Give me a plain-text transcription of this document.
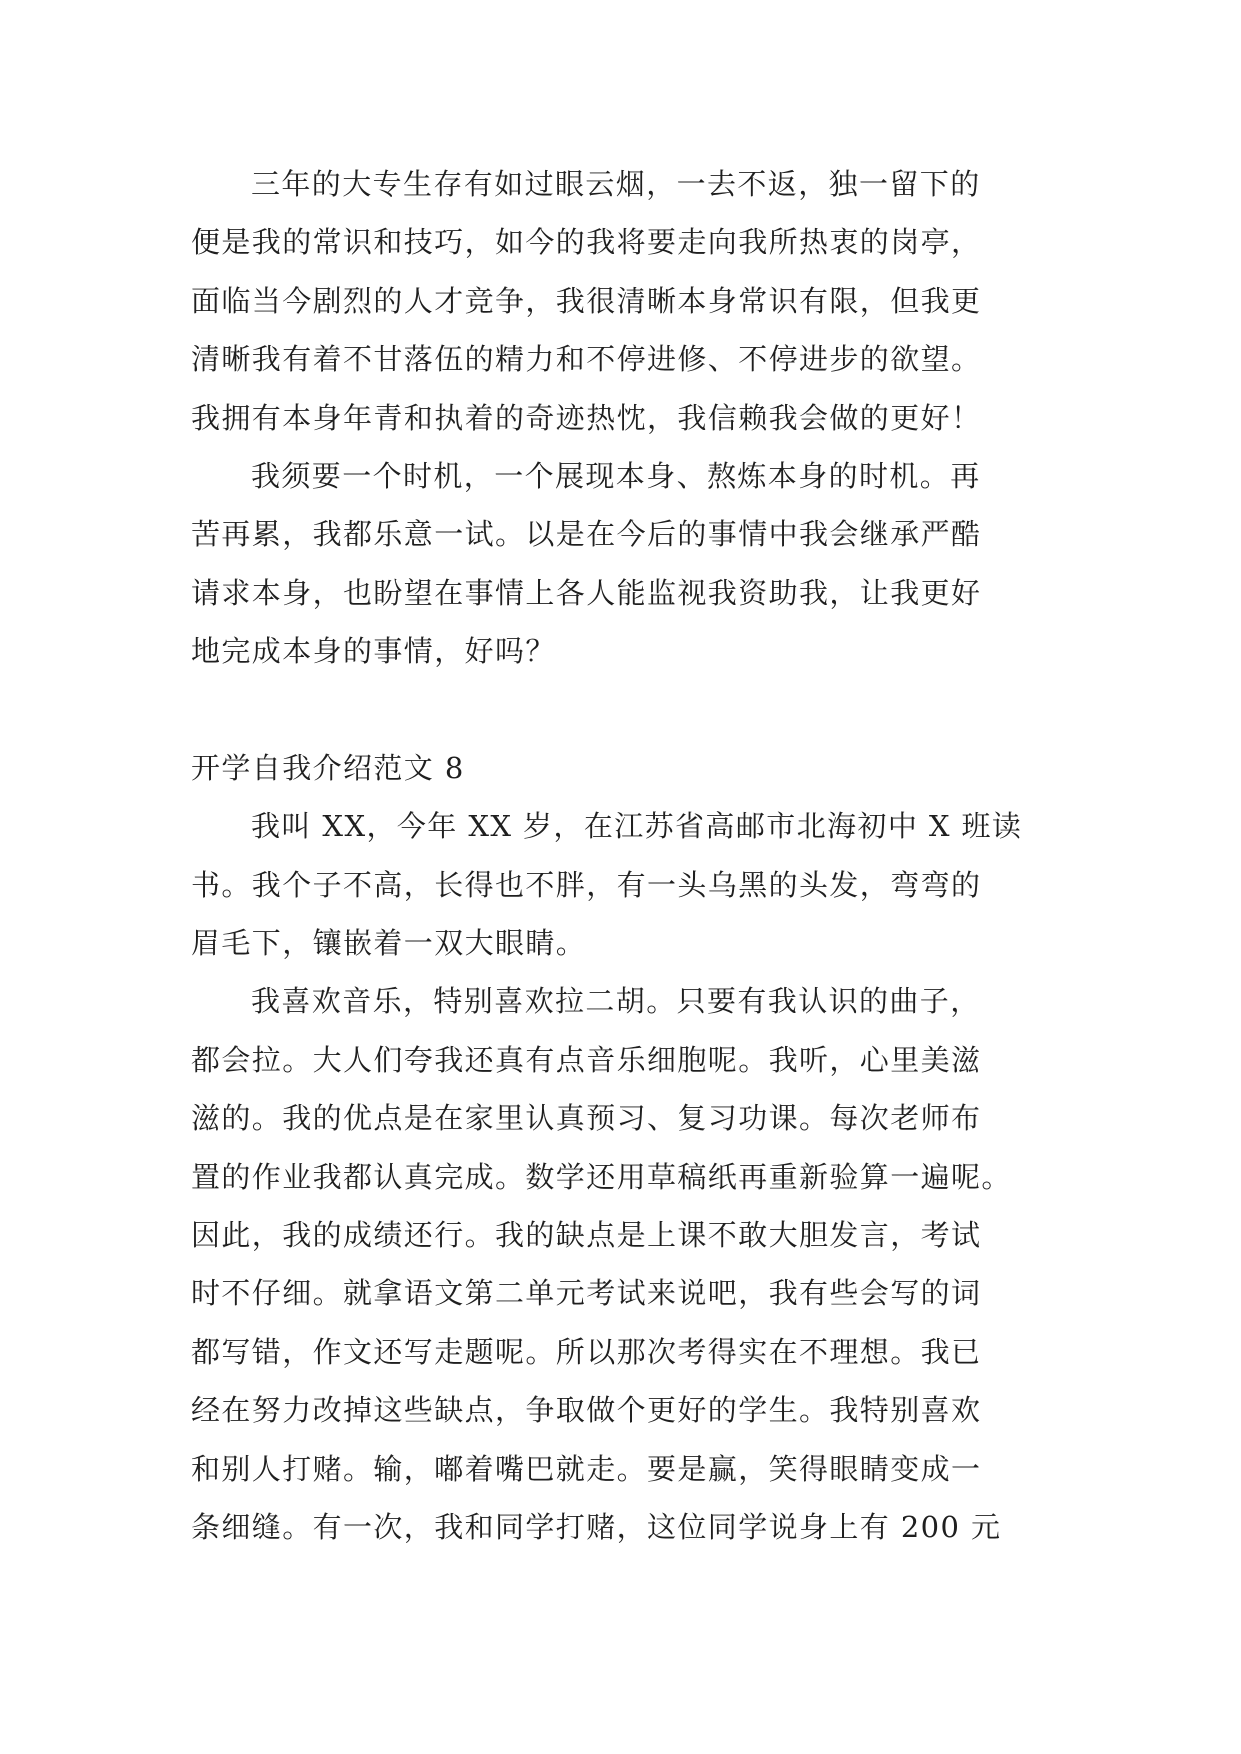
三年的大专生存有如过眼云烟，一去不返，独一留下的
便是我的常识和技巧，如今的我将要走向我所热衷的岗亭，
面临当今剧烈的人才竞争，我很清晰本身常识有限，但我更
清晰我有着不甘落伍的精力和不停进修、不停进步的欲望。
我拥有本身年青和执着的奇迹热忱，我信赖我会做的更好！
我须要一个时机，一个展现本身、熬炼本身的时机。再
苦再累，我都乐意一试。以是在今后的事情中我会继承严酷
请求本身，也盼望在事情上各人能监视我资助我，让我更好
地完成本身的事情，好吗？
开学自我介绍范文 8
我叫 XX，今年 XX 岁，在江苏省高邮市北海初中 X 班读
书。我个子不高，长得也不胖，有一头乌黑的头发，弯弯的
眉毛下，镶嵌着一双大眼睛。
我喜欢音乐，特别喜欢拉二胡。只要有我认识的曲子，
都会拉。大人们夸我还真有点音乐细胞呢。我听，心里美滋
滋的。我的优点是在家里认真预习、复习功课。每次老师布
置的作业我都认真完成。数学还用草稿纸再重新验算一遍呢。
因此，我的成绩还行。我的缺点是上课不敢大胆发言，考试
时不仔细。就拿语文第二单元考试来说吧，我有些会写的词
都写错，作文还写走题呢。所以那次考得实在不理想。我已
经在努力改掉这些缺点，争取做个更好的学生。我特别喜欢
和别人打赌。输，嘟着嘴巴就走。要是赢，笑得眼睛变成一
条细缝。有一次，我和同学打赌，这位同学说身上有 200 元
